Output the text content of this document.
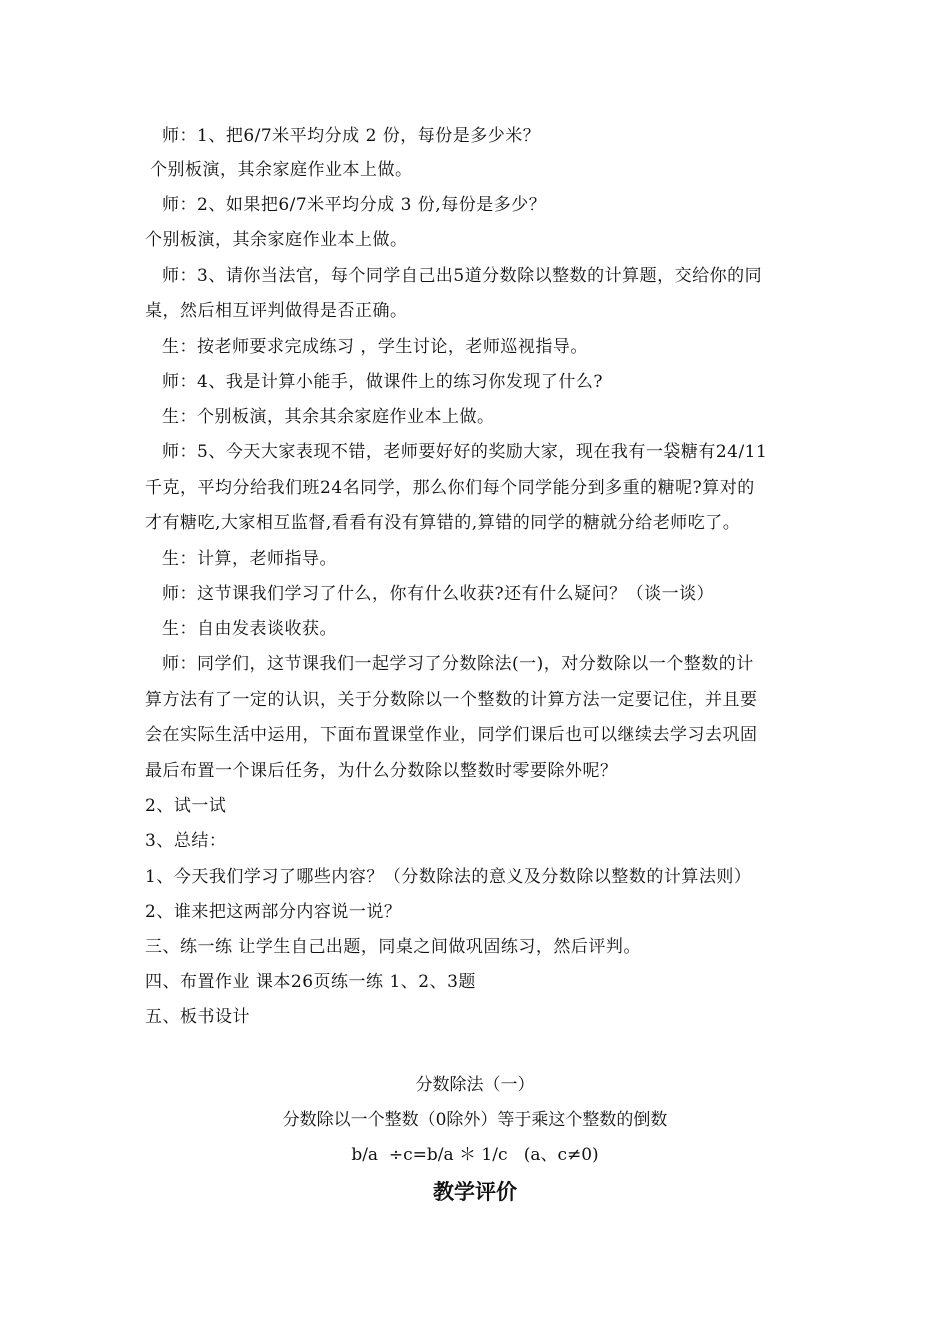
师：1、把6/7米平均分成 2 份，每份是多少米？
个别板演，其余家庭作业本上做。
师：2、如果把6/7米平均分成 3 份,每份是多少？
个别板演，其余家庭作业本上做。
师：3、请你当法官，每个同学自己出5道分数除以整数的计算题，交给你的同
桌，然后相互评判做得是否正确。
生：按老师要求完成练习 ，学生讨论，老师巡视指导。
师：4、我是计算小能手，做课件上的练习你发现了什么?
生：个别板演，其余其余家庭作业本上做。
师：5、今天大家表现不错，老师要好好的奖励大家，现在我有一袋糖有24/11
千克，平均分给我们班24名同学，那么你们每个同学能分到多重的糖呢?算对的
才有糖吃,大家相互监督,看看有没有算错的,算错的同学的糖就分给老师吃了。
生：计算，老师指导。
师：这节课我们学习了什么，你有什么收获?还有什么疑问？（谈一谈）
生：自由发表谈收获。
师：同学们，这节课我们一起学习了分数除法(一)，对分数除以一个整数的计
算方法有了一定的认识，关于分数除以一个整数的计算方法一定要记住，并且要
会在实际生活中运用，下面布置课堂作业，同学们课后也可以继续去学习去巩固
最后布置一个课后任务，为什么分数除以整数时零要除外呢？
2、试一试
3、总结：
1、今天我们学习了哪些内容？（分数除法的意义及分数除以整数的计算法则）
2、谁来把这两部分内容说一说？
三、练一练 让学生自己出题，同桌之间做巩固练习，然后评判。
四、布置作业 课本26页练一练 1、2、3题
五、板书设计
分数除法（一）
分数除以一个整数（0除外）等于乘这个整数的倒数
b/a  ÷c=b/a ＊ 1/c   (a、c≠0)
教学评价
